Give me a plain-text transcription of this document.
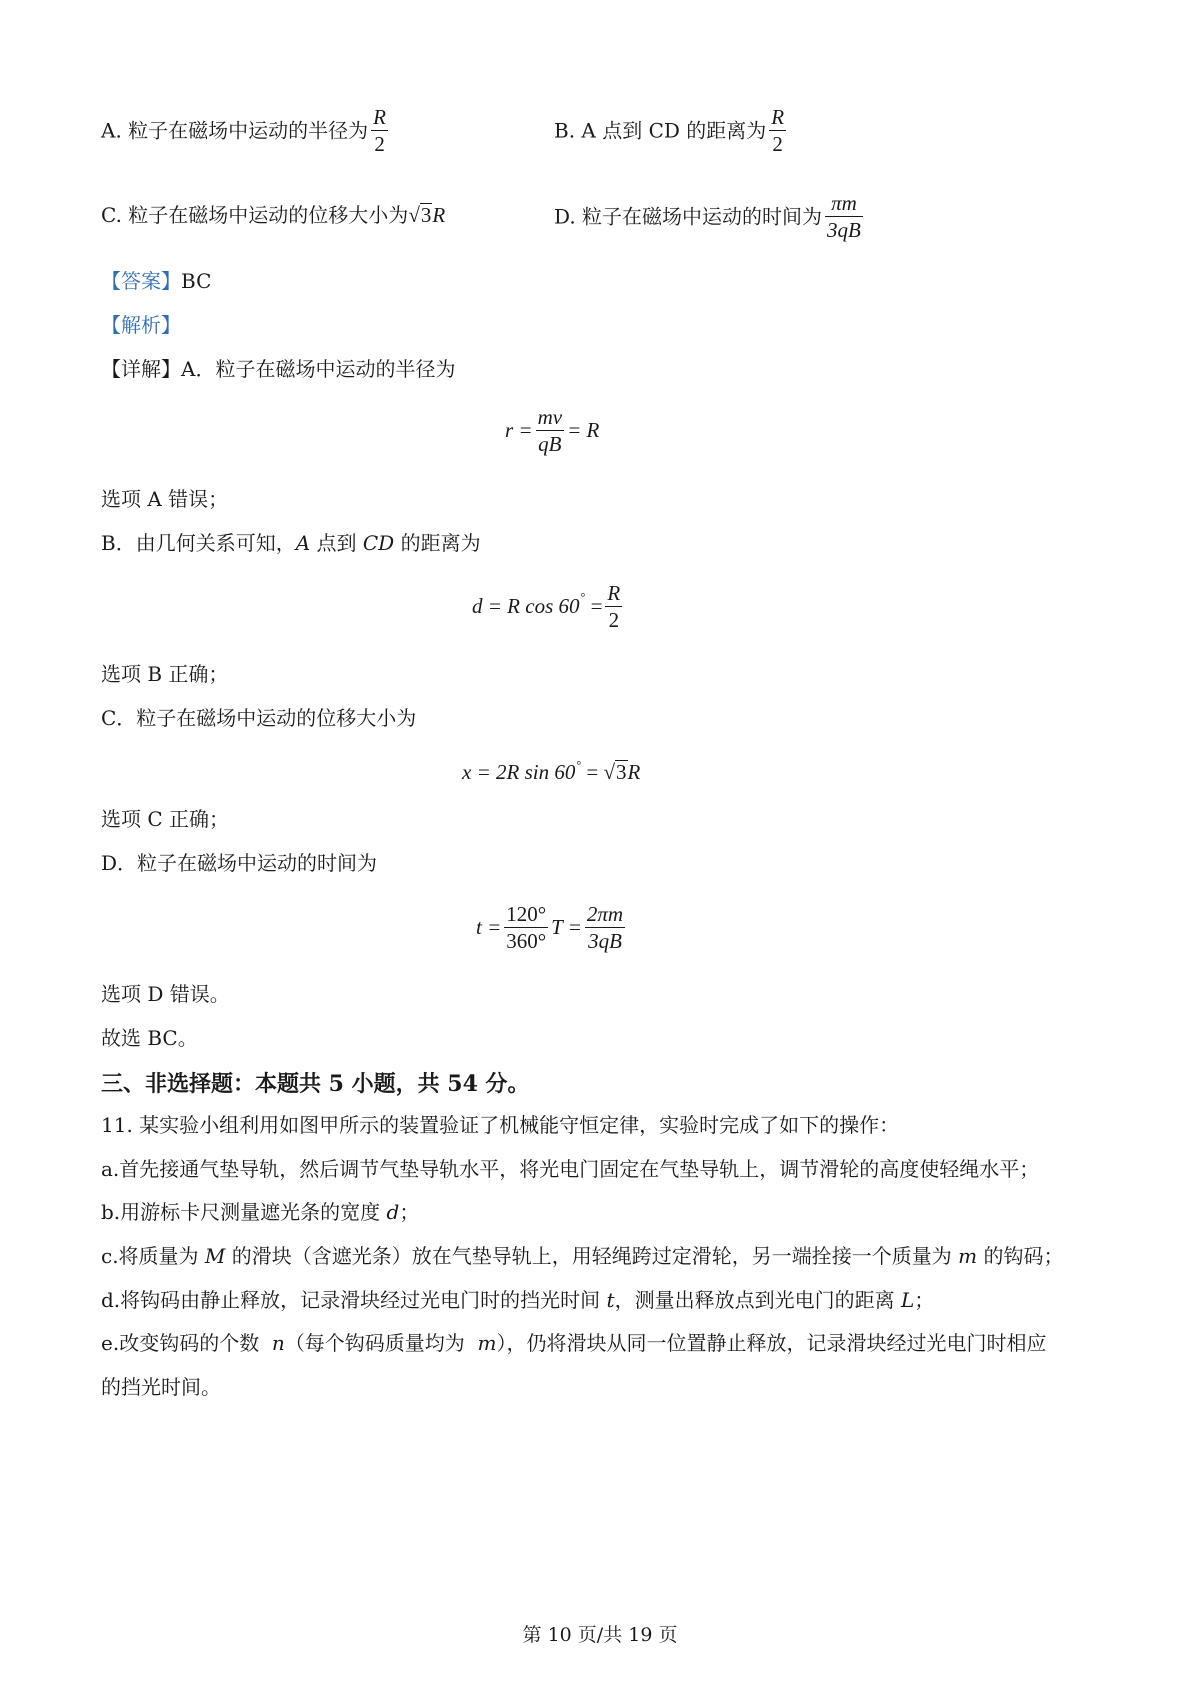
A. 粒子在磁场中运动的半径为 $\frac{R}{2}$	B. A 点到 CD 的距离为 $\frac{R}{2}$
C. 粒子在磁场中运动的位移大小为√3R	D. 粒子在磁场中运动的时间为 $\frac{\pi m}{3qB}$
【答案】BC
【解析】
【详解】A．粒子在磁场中运动的半径为
$r = \frac{mv}{qB} = R$
选项 A 错误；
B．由几何关系可知，A 点到 CD 的距离为
d = R $\cos 60^\circ = \frac{R}{2}$
选项 B 正确；
C．粒子在磁场中运动的位移大小为
x = 2R sin 60° = √3R
选项 C 正确；
D．粒子在磁场中运动的时间为
$t = \frac{120^\circ}{360^\circ}$ $T = \frac{2\pi m}{3qB}$
选项 D 错误。
故选 BC。
三、非选择题：本题共 5 小题，共 54 分。
11. 某实验小组利用如图甲所示的装置验证了机械能守恒定律，实验时完成了如下的操作：
a.首先接通气垫导轨，然后调节气垫导轨水平，将光电门固定在气垫导轨上，调节滑轮的高度使轻绳水平；
b.用游标卡尺测量遮光条的宽度 d；
c.将质量为 M 的滑块（含遮光条）放在气垫导轨上，用轻绳跨过定滑轮，另一端拴接一个质量为 m 的钩码；
d.将钩码由静止释放，记录滑块经过光电门时的挡光时间 t，测量出释放点到光电门的距离 L；
e.改变钩码的个数  n（每个钩码质量均为  m），仍将滑块从同一位置静止释放，记录滑块经过光电门时相应
的挡光时间。
第 10 页/共 19 页
